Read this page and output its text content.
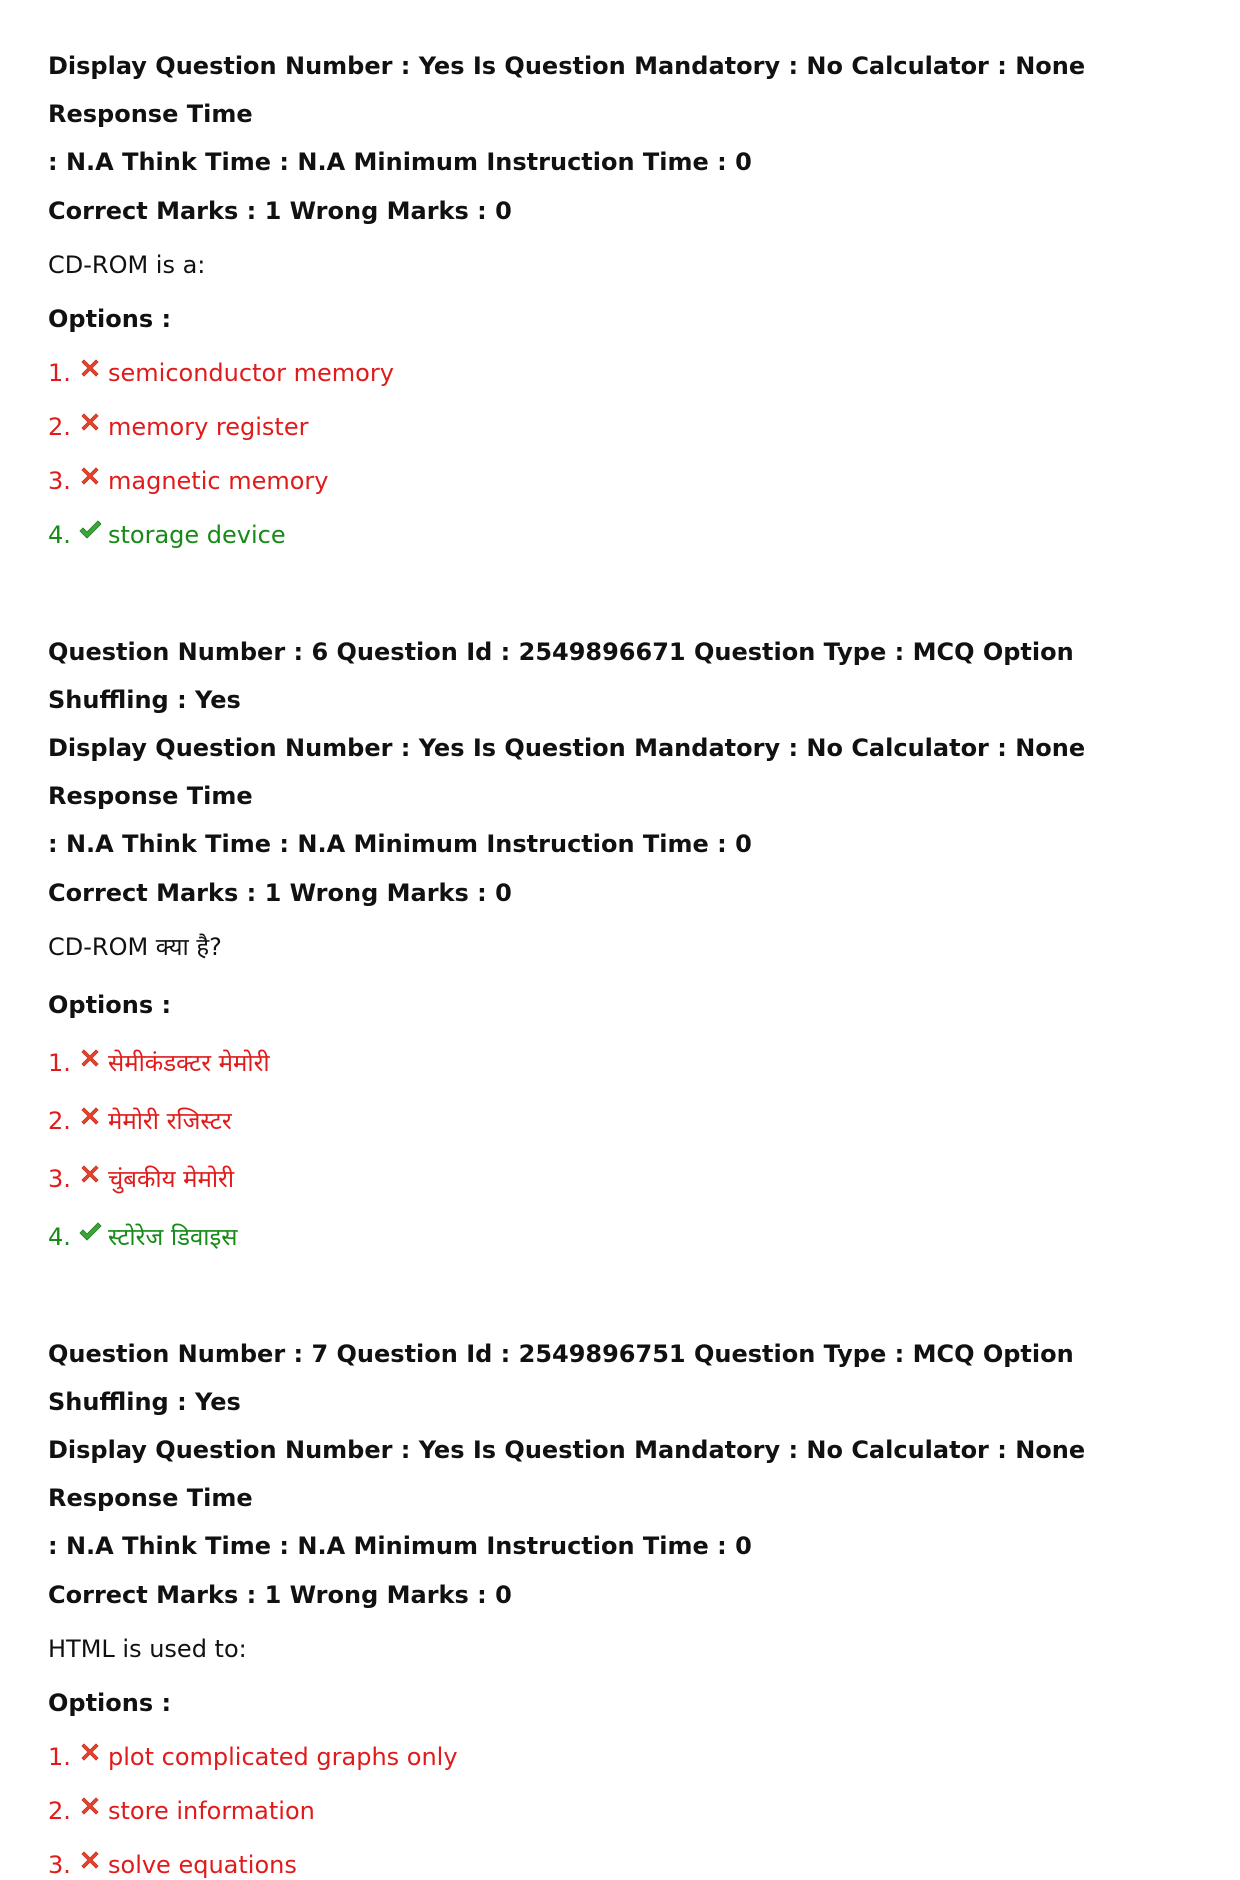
Display Question Number : Yes Is Question Mandatory : No Calculator : None Response Time

: N.A Think Time : N.A Minimum Instruction Time : 0

Correct Marks : 1 Wrong Marks : 0

CD-ROM is a:

Options :

1. semiconductor memory
2. memory register
3. magnetic memory
4. storage device

Question Number : 6 Question Id : 2549896671 Question Type : MCQ Option Shuffling : Yes

Display Question Number : Yes Is Question Mandatory : No Calculator : None Response Time

: N.A Think Time : N.A Minimum Instruction Time : 0

Correct Marks : 1 Wrong Marks : 0

CD-ROM क्या है?

Options :

1. सेमीकंडक्टर मेमोरी
2. मेमोरी रजिस्टर
3. चुंबकीय मेमोरी
4. स्टोरेज डिवाइस

Question Number : 7 Question Id : 2549896751 Question Type : MCQ Option Shuffling : Yes

Display Question Number : Yes Is Question Mandatory : No Calculator : None Response Time

: N.A Think Time : N.A Minimum Instruction Time : 0

Correct Marks : 1 Wrong Marks : 0

HTML is used to:

Options :

1. plot complicated graphs only
2. store information
3. solve equations
